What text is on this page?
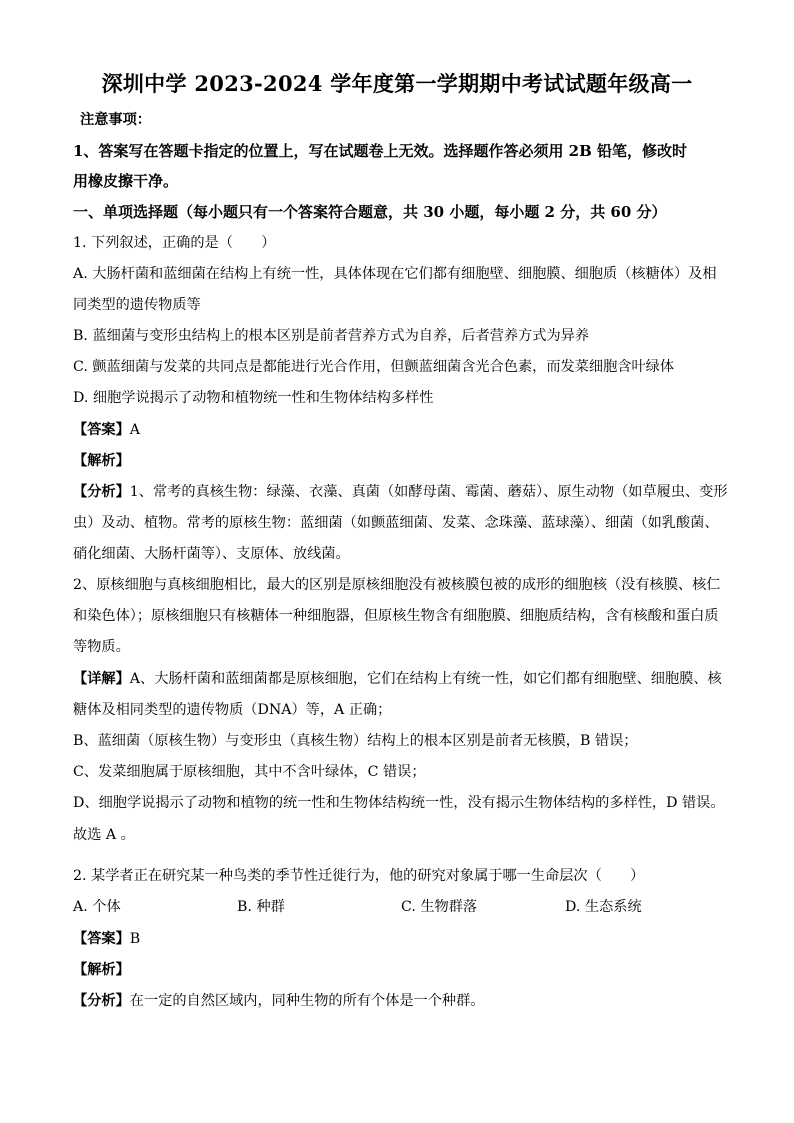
深圳中学 2023-2024 学年度第一学期期中考试试题年级高一
注意事项：
1、答案写在答题卡指定的位置上，写在试题卷上无效。选择题作答必须用 2B 铅笔，修改时
用橡皮擦干净。
一、单项选择题（每小题只有一个答案符合题意，共 30 小题，每小题 2 分，共 60 分）
1. 下列叙述，正确的是（　　）
A. 大肠杆菌和蓝细菌在结构上有统一性，具体体现在它们都有细胞壁、细胞膜、细胞质（核糖体）及相
同类型的遗传物质等
B. 蓝细菌与变形虫结构上的根本区别是前者营养方式为自养，后者营养方式为异养
C. 颤蓝细菌与发菜的共同点是都能进行光合作用，但颤蓝细菌含光合色素，而发菜细胞含叶绿体
D. 细胞学说揭示了动物和植物统一性和生物体结构多样性
【答案】A
【解析】
【分析】1、常考的真核生物：绿藻、衣藻、真菌（如酵母菌、霉菌、蘑菇）、原生动物（如草履虫、变形
虫）及动、植物。常考的原核生物：蓝细菌（如颤蓝细菌、发菜、念珠藻、蓝球藻）、细菌（如乳酸菌、
硝化细菌、大肠杆菌等）、支原体、放线菌。
2、原核细胞与真核细胞相比，最大的区别是原核细胞没有被核膜包被的成形的细胞核（没有核膜、核仁
和染色体）；原核细胞只有核糖体一种细胞器，但原核生物含有细胞膜、细胞质结构，含有核酸和蛋白质
等物质。
【详解】A、大肠杆菌和蓝细菌都是原核细胞，它们在结构上有统一性，如它们都有细胞壁、细胞膜、核
糖体及相同类型的遗传物质（DNA）等，A 正确；
B、蓝细菌（原核生物）与变形虫（真核生物）结构上的根本区别是前者无核膜，B 错误；
C、发菜细胞属于原核细胞，其中不含叶绿体，C 错误；
D、细胞学说揭示了动物和植物的统一性和生物体结构统一性，没有揭示生物体结构的多样性，D 错误。
故选 A 。
2. 某学者正在研究某一种鸟类的季节性迁徙行为，他的研究对象属于哪一生命层次（　　）
A. 个体	B. 种群	C. 生物群落	D. 生态系统
【答案】B
【解析】
【分析】在一定的自然区域内，同种生物的所有个体是一个种群。
